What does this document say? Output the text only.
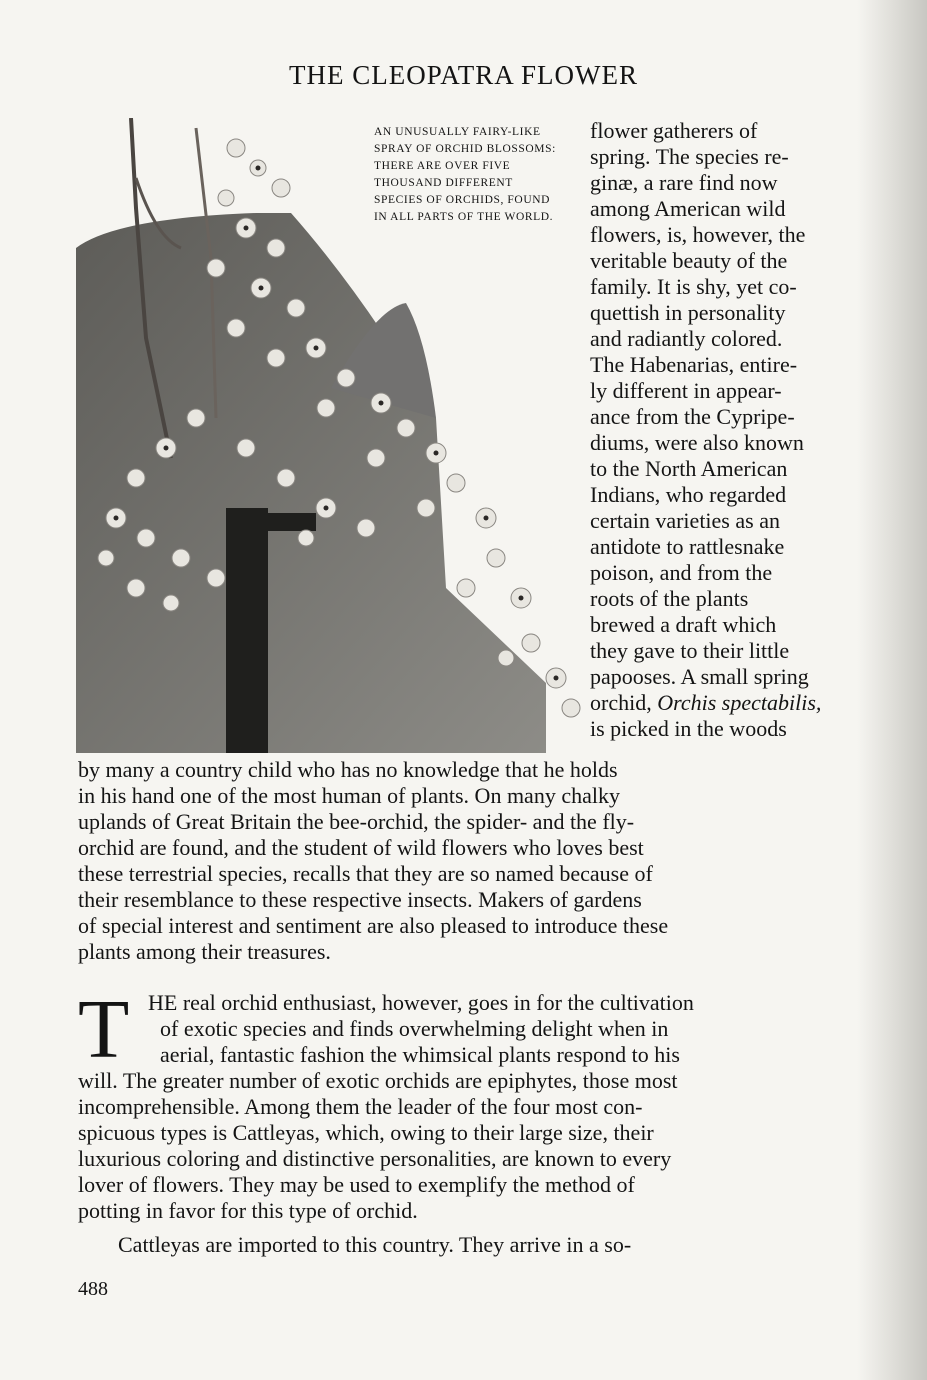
THE CLEOPATRA FLOWER
AN UNUSUALLY FAIRY-LIKE SPRAY OF ORCHID BLOSSOMS: THERE ARE OVER FIVE THOUSAND DIFFERENT SPECIES OF ORCHIDS, FOUND IN ALL PARTS OF THE WORLD.
flower gatherers of
spring. The species re-
ginæ, a rare find now
among American wild
flowers, is, however, the
veritable beauty of the
family. It is shy, yet co-
quettish in personality
and radiantly colored.
The Habenarias, entire-
ly different in appear-
ance from the Cypripe-
diums, were also known
to the North American
Indians, who regarded
certain varieties as an
antidote to rattlesnake
poison, and from the
roots of the plants
brewed a draft which
they gave to their little
papooses. A small spring
orchid, Orchis spectabilis,
is picked in the woods
by many a country child who has no knowledge that he holds
in his hand one of the most human of plants. On many chalky
uplands of Great Britain the bee-orchid, the spider- and the fly-
orchid are found, and the student of wild flowers who loves best
these terrestrial species, recalls that they are so named because of
their resemblance to these respective insects. Makers of gardens
of special interest and sentiment are also pleased to introduce these
plants among their treasures.
T HE real orchid enthusiast, however, goes in for the cultivation
of exotic species and finds overwhelming delight when in
aerial, fantastic fashion the whimsical plants respond to his
will. The greater number of exotic orchids are epiphytes, those most
incomprehensible. Among them the leader of the four most con-
spicuous types is Cattleyas, which, owing to their large size, their
luxurious coloring and distinctive personalities, are known to every
lover of flowers. They may be used to exemplify the method of
potting in favor for this type of orchid.
Cattleyas are imported to this country. They arrive in a so-
488
